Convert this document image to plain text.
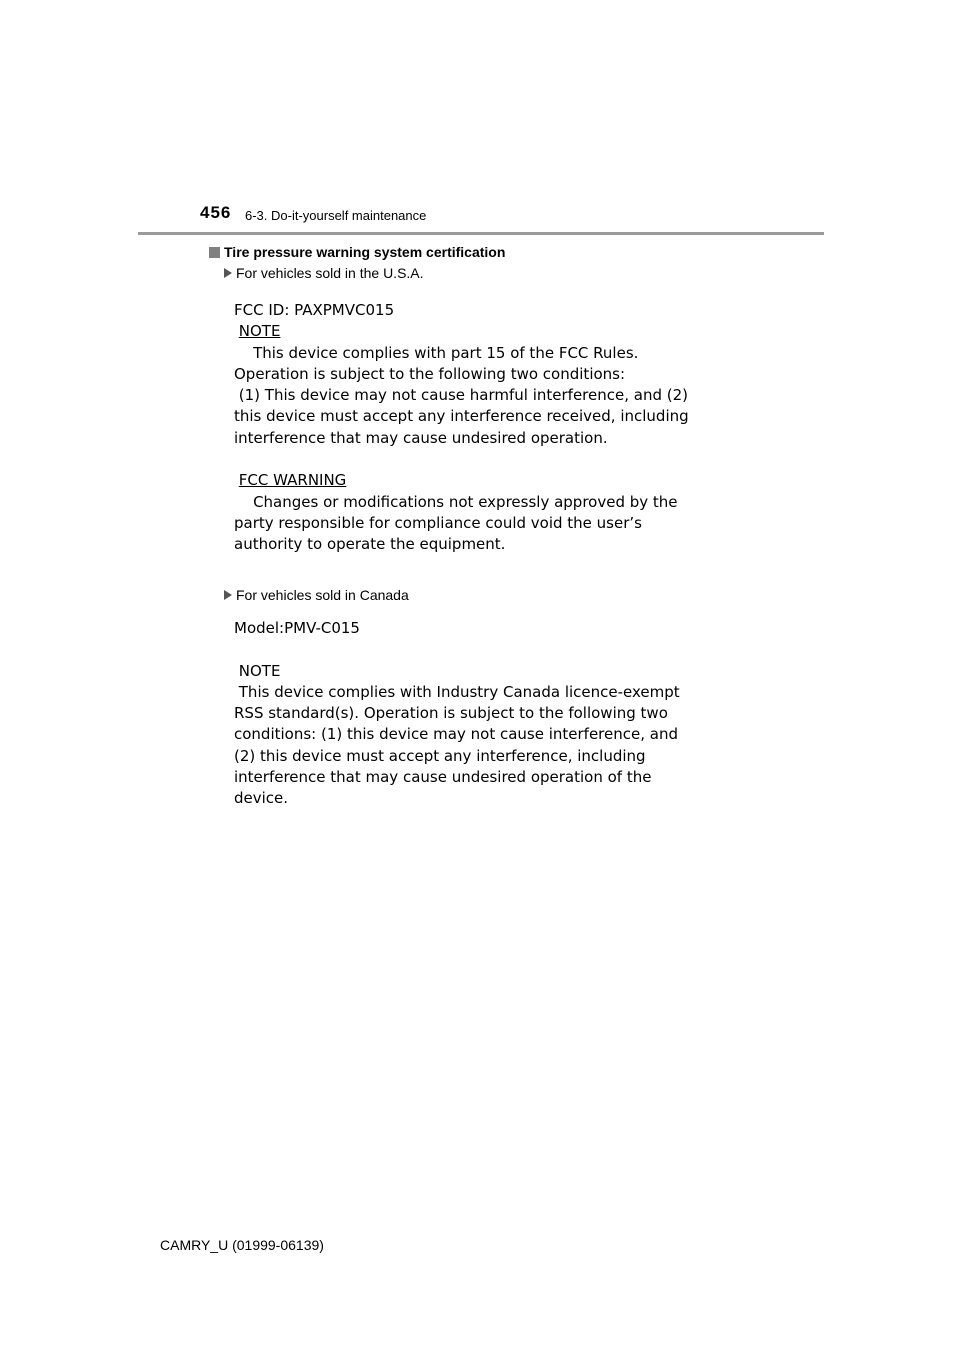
456 6-3. Do-it-yourself maintenance
Tire pressure warning system certification
For vehicles sold in the U.S.A.

FCC ID: PAXPMVC015

NOTE

This device complies with part 15 of the FCC Rules.

Operation is subject to the following two conditions:

(1) This device may not cause harmful interference, and (2)

this device must accept any interference received, including

interference that may cause undesired operation.

FCC WARNING

Changes or modifications not expressly approved by the

party responsible for compliance could void the user’s

authority to operate the equipment.

For vehicles sold in Canada

Model:PMV-C015

NOTE

This device complies with Industry Canada licence-exempt

RSS standard(s). Operation is subject to the following two

conditions: (1) this device may not cause interference, and

(2) this device must accept any interference, including

interference that may cause undesired operation of the

device.

CAMRY_U (01999-06139)
